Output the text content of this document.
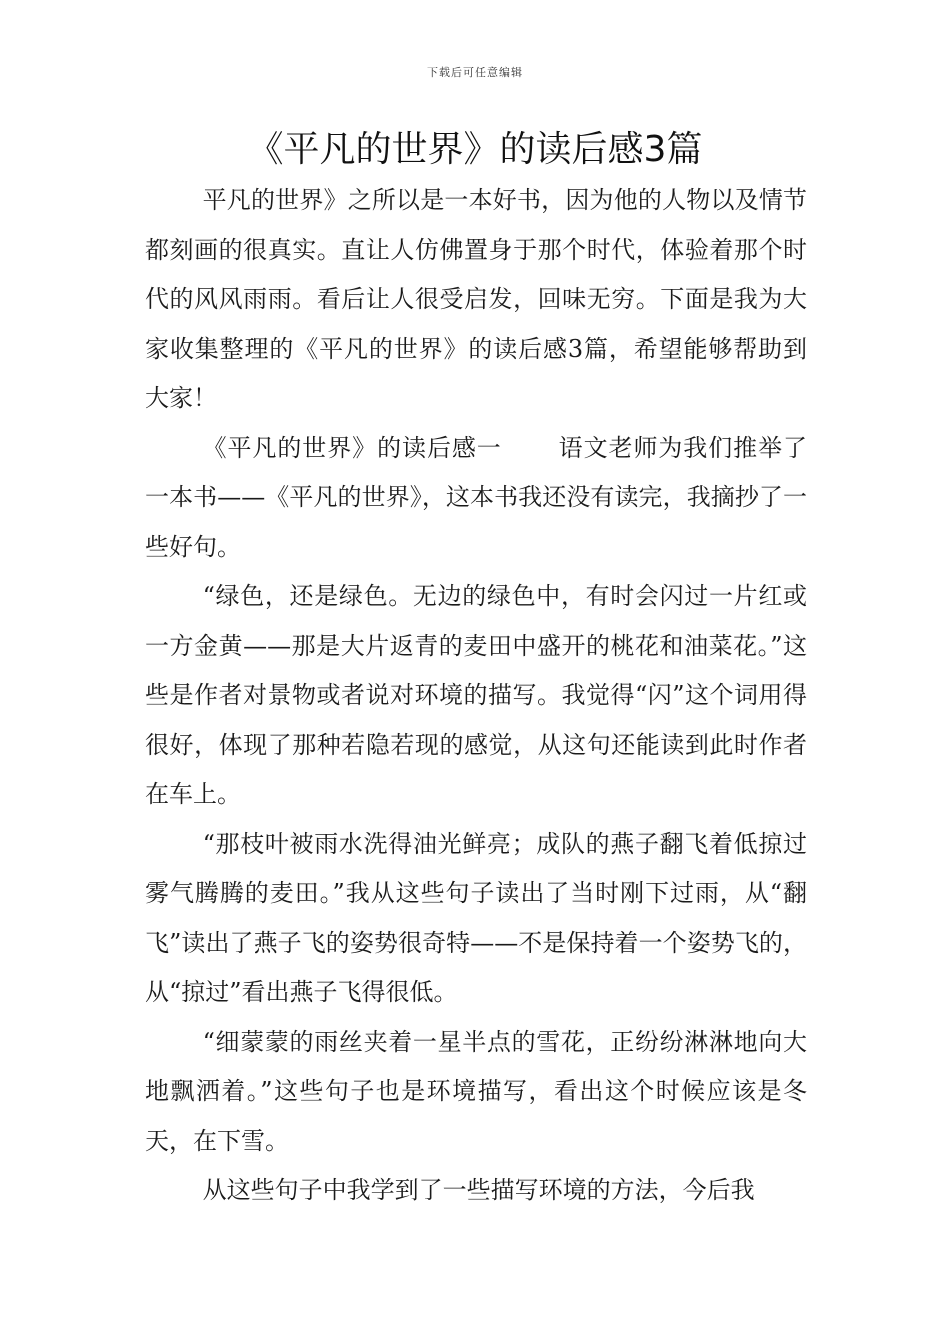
下载后可任意编辑
《平凡的世界》的读后感3篇

平凡的世界》之所以是一本好书，因为他的人物以及情节都刻画的很真实。直让人仿佛置身于那个时代，体验着那个时代的风风雨雨。看后让人很受启发，回味无穷。下面是我为大家收集整理的《平凡的世界》的读后感3篇，希望能够帮助到大家！

《平凡的世界》的读后感一 语文老师为我们推举了一本书——《平凡的世界》，这本书我还没有读完，我摘抄了一些好句。

“绿色，还是绿色。无边的绿色中，有时会闪过一片红或一方金黄——那是大片返青的麦田中盛开的桃花和油菜花。”这些是作者对景物或者说对环境的描写。我觉得“闪”这个词用得很好，体现了那种若隐若现的感觉，从这句还能读到此时作者在车上。

“那枝叶被雨水洗得油光鲜亮；成队的燕子翻飞着低掠过雾气腾腾的麦田。”我从这些句子读出了当时刚下过雨，从“翻飞”读出了燕子飞的姿势很奇特——不是保持着一个姿势飞的，从“掠过”看出燕子飞得很低。

“细蒙蒙的雨丝夹着一星半点的雪花，正纷纷淋淋地向大地飘洒着。”这些句子也是环境描写，看出这个时候应该是冬天，在下雪。

从这些句子中我学到了一些描写环境的方法，今后我
